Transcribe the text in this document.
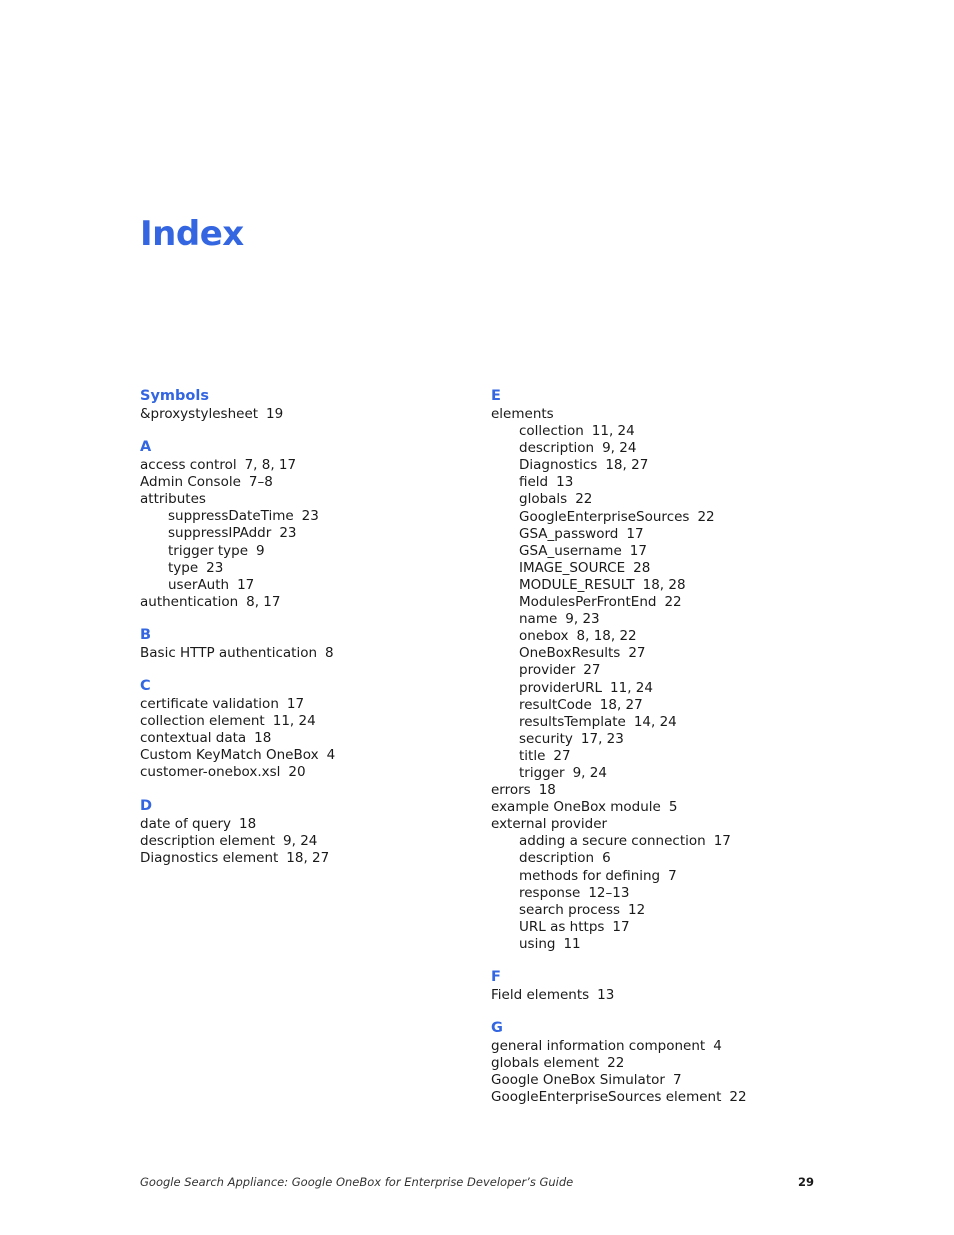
Index
Symbols
&proxystylesheet 19
A
access control 7, 8, 17
Admin Console 7–8
attributes
suppressDateTime 23
suppressIPAddr 23
trigger type 9
type 23
userAuth 17
authentication 8, 17
B
Basic HTTP authentication 8
C
certificate validation 17
collection element 11, 24
contextual data 18
Custom KeyMatch OneBox 4
customer-onebox.xsl 20
D
date of query 18
description element 9, 24
Diagnostics element 18, 27
E
elements
collection 11, 24
description 9, 24
Diagnostics 18, 27
field 13
globals 22
GoogleEnterpriseSources 22
GSA_password 17
GSA_username 17
IMAGE_SOURCE 28
MODULE_RESULT 18, 28
ModulesPerFrontEnd 22
name 9, 23
onebox 8, 18, 22
OneBoxResults 27
provider 27
providerURL 11, 24
resultCode 18, 27
resultsTemplate 14, 24
security 17, 23
title 27
trigger 9, 24
errors 18
example OneBox module 5
external provider
adding a secure connection 17
description 6
methods for defining 7
response 12–13
search process 12
URL as https 17
using 11
F
Field elements 13
G
general information component 4
globals element 22
Google OneBox Simulator 7
GoogleEnterpriseSources element 22
Google Search Appliance: Google OneBox for Enterprise Developer’s Guide	29
